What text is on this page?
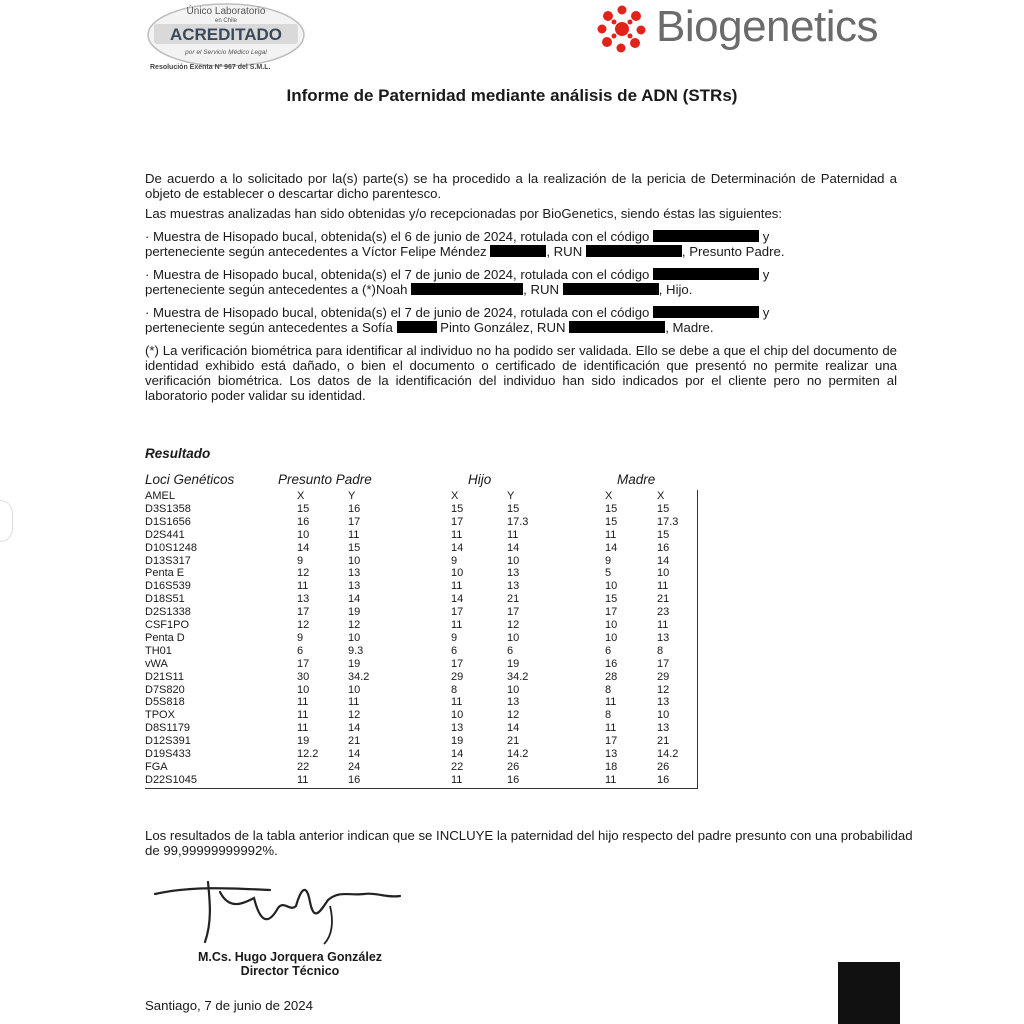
Único Laboratorio
en Chile
ACREDITADO
por el Servicio Médico Legal
Resolución Exenta Nº 967 del S.M.L.
Biogenetics
Informe de Paternidad mediante análisis de ADN (STRs)

De acuerdo a lo solicitado por la(s) parte(s) se ha procedido a la realización de la pericia de Determinación de Paternidad a objeto de establecer o descartar dicho parentesco.

Las muestras analizadas han sido obtenidas y/o recepcionadas por BioGenetics, siendo éstas las siguientes:

· Muestra de Hisopado bucal, obtenida(s) el 6 de junio de 2024, rotulada con el código	y
perteneciente según antecedentes a Víctor Felipe Méndez	, RUN	, Presunto Padre.

· Muestra de Hisopado bucal, obtenida(s) el 7 de junio de 2024, rotulada con el código	y
perteneciente según antecedentes a (*)Noah	, RUN	, Hijo.

· Muestra de Hisopado bucal, obtenida(s) el 7 de junio de 2024, rotulada con el código	y
perteneciente según antecedentes a Sofía	Pinto González, RUN	, Madre.

(*) La verificación biométrica para identificar al individuo no ha podido ser validada. Ello se debe a que el chip del documento de identidad exhibido está dañado, o bien el documento o certificado de identificación que presentó no permite realizar una verificación biométrica. Los datos de la identificación del individuo han sido indicados por el cliente pero no permiten al laboratorio poder validar su identidad.

Resultado
Loci Genéticos	Presunto Padre	Hijo	Madre
AMEL	X	Y	X	Y	X	X
D3S1358	15	16	15	15	15	15
D1S1656	16	17	17	17.3	15	17.3
D2S441	10	11	11	11	11	15
D10S1248	14	15	14	14	14	16
D13S317	9	10	9	10	9	14
Penta E	12	13	10	13	5	10
D16S539	11	13	11	13	10	11
D18S51	13	14	14	21	15	21
D2S1338	17	19	17	17	17	23
CSF1PO	12	12	11	12	10	11
Penta D	9	10	9	10	10	13
TH01	6	9.3	6	6	6	8
vWA	17	19	17	19	16	17
D21S11	30	34.2	29	34.2	28	29
D7S820	10	10	8	10	8	12
D5S818	11	11	11	13	11	13
TPOX	11	12	10	12	8	10
D8S1179	11	14	13	14	11	13
D12S391	19	21	19	21	17	21
D19S433	12.2	14	14	14.2	13	14.2
FGA	22	24	22	26	18	26
D22S1045	11	16	11	16	11	16
Los resultados de la tabla anterior indican que se INCLUYE la paternidad del hijo respecto del padre presunto con una probabilidad de 99,99999999992%.
M.Cs. Hugo Jorquera González
Director Técnico
Santiago, 7 de junio de 2024
